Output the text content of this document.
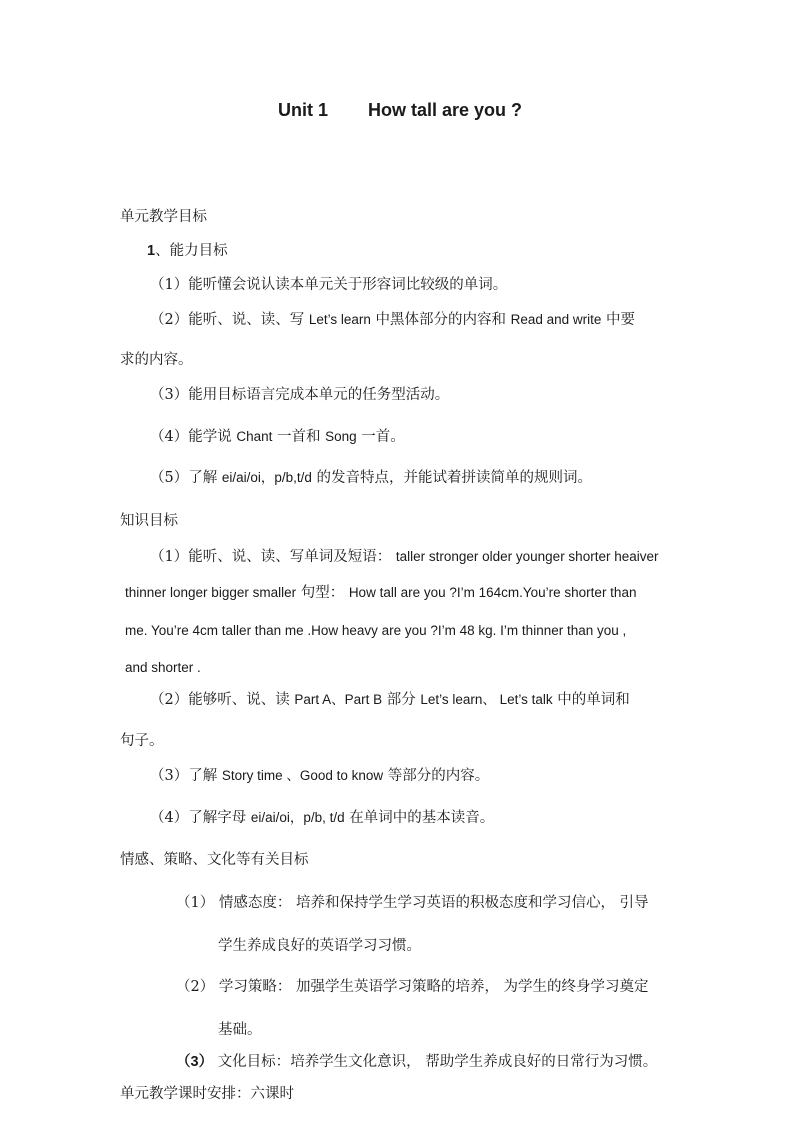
Unit 1 How tall are you ?
单元教学目标
1、能力目标
（1）能听懂会说认读本单元关于形容词比较级的单词。
（2）能听、说、读、写 Let’s learn 中黑体部分的内容和 Read and write 中要
求的内容。
（3）能用目标语言完成本单元的任务型活动。
（4）能学说 Chant 一首和 Song 一首。
（5）了解 ei/ai/oi，p/b,t/d 的发音特点，并能试着拼读简单的规则词。
知识目标
（1）能听、说、读、写单词及短语： taller stronger older younger shorter heaiver
thinner longer bigger smaller 句型： How tall are you ?I’m 164cm.You’re shorter than
me. You’re 4cm taller than me .How heavy are you ?I’m 48 kg. I’m thinner than you ,
and shorter .
（2）能够听、说、读 Part A、Part B 部分 Let’s learn、 Let’s talk 中的单词和
句子。
（3）了解 Story time 、Good to know 等部分的内容。
（4）了解字母 ei/ai/oi，p/b, t/d 在单词中的基本读音。
情感、策略、文化等有关目标
（1） 情感态度： 培养和保持学生学习英语的积极态度和学习信心， 引导
学生养成良好的英语学习习惯。
（2） 学习策略： 加强学生英语学习策略的培养， 为学生的终身学习奠定
基础。
（3） 文化目标：培养学生文化意识， 帮助学生养成良好的日常行为习惯。
单元教学课时安排：六课时
